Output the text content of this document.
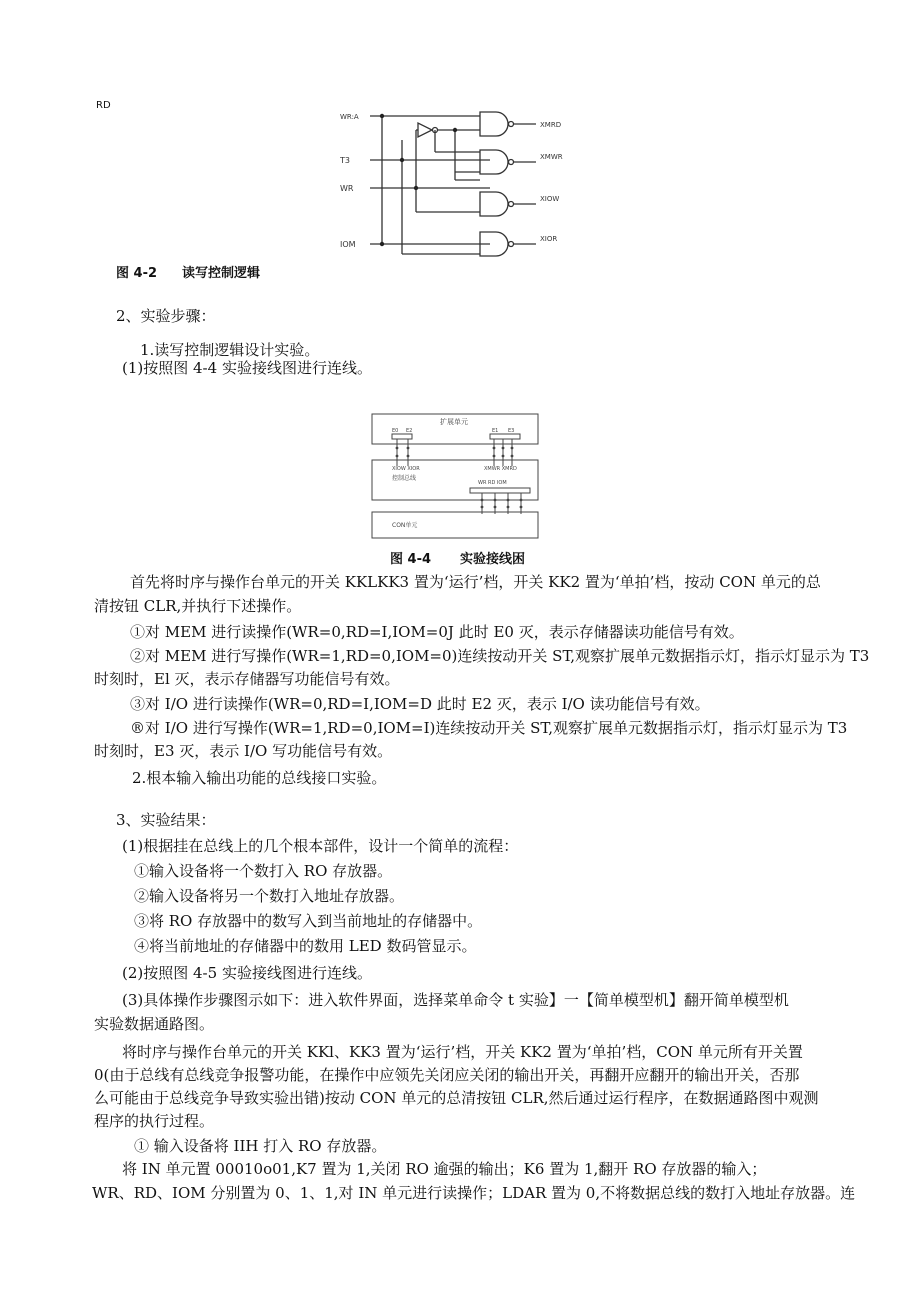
RD
WR:A
T3
WR
IOM
XMRD
XMWR
XIOW
XIOR
图 4-2 读写控制逻辑
2、实验步骤：
1.读写控制逻辑设计实验。
(1)按照图 4-4 实验接线图进行连线。
扩展单元
E0 E2	E1 E3
XIOW XIOR	XMWR XMRD
控制总线
WR RD IOM
CON单元
图 4-4 实验接线困
首先将时序与操作台单元的开关 KKLKK3 置为‘运行’档，开关 KK2 置为‘单拍’档，按动 CON 单元的总
清按钮 CLR,并执行下述操作。
①对 MEM 进行读操作(WR=0,RD=I,IOM=0J 此时 E0 灭，表示存储器读功能信号有效。
②对 MEM 进行写操作(WR=1,RD=0,IOM=0)连续按动开关 ST,观察扩展单元数据指示灯，指示灯显示为 T3
时刻时，El 灭，表示存储器写功能信号有效。
③对 I/O 进行读操作(WR=0,RD=I,IOM=D 此时 E2 灭，表示 I/O 读功能信号有效。
®对 I/O 进行写操作(WR=1,RD=0,IOM=I)连续按动开关 ST,观察扩展单元数据指示灯，指示灯显示为 T3
时刻时，E3 灭，表示 I/O 写功能信号有效。
2.根本输入输出功能的总线接口实验。
3、实验结果：
(1)根据挂在总线上的几个根本部件，设计一个简单的流程：
①输入设备将一个数打入 RO 存放器。
②输入设备将另一个数打入地址存放器。
③将 RO 存放器中的数写入到当前地址的存储器中。
④将当前地址的存储器中的数用 LED 数码管显示。
(2)按照图 4-5 实验接线图进行连线。
(3)具体操作步骤图示如下：进入软件界面，选择菜单命令 t 实验】一【简单模型机】翻开简单模型机
实验数据通路图。
将时序与操作台单元的开关 KKl、KK3 置为‘运行’档，开关 KK2 置为‘单拍’档，CON 单元所有开关置
0(由于总线有总线竞争报警功能，在操作中应领先关闭应关闭的输出开关，再翻开应翻开的输出开关，否那
么可能由于总线竞争导致实验出错)按动 CON 单元的总清按钮 CLR,然后通过运行程序，在数据通路图中观测
程序的执行过程。
① 输入设备将 IIH 打入 RO 存放器。
将 IN 单元置 00010o01,K7 置为 1,关闭 RO 逾强的输出；K6 置为 1,翻开 RO 存放器的输入；
WR、RD、IOM 分别置为 0、1、1,对 IN 单元进行读操作；LDAR 置为 0,不将数据总线的数打入地址存放器。连
